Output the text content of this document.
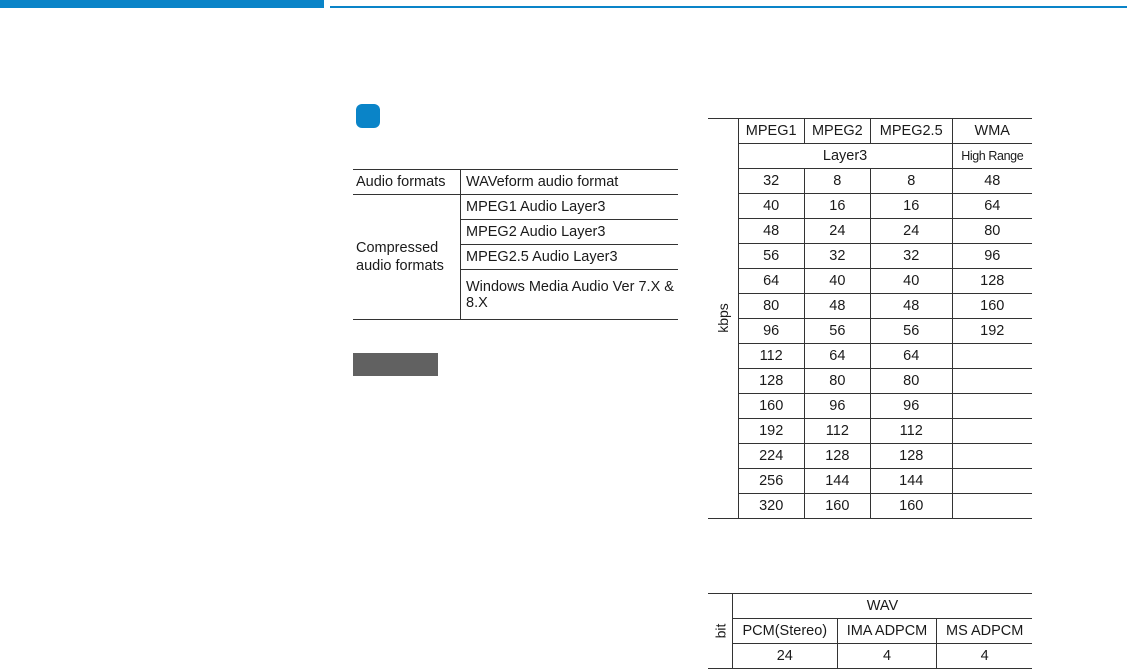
Audio formats	WAVeform audio format
Compressed audio formats	MPEG1 Audio Layer3
	MPEG2 Audio Layer3
	MPEG2.5 Audio Layer3
	Windows Media Audio Ver 7.X & 8.X
kbps	MPEG1	MPEG2	MPEG2.5	WMA
	Layer3			High Range
	32	8	8	48
	40	16	16	64
	48	24	24	80
	56	32	32	96
	64	40	40	128
	80	48	48	160
	96	56	56	192
	112	64	64	
	128	80	80	
	160	96	96	
	192	112	112	
	224	128	128	
	256	144	144	
	320	160	160	
bit	WAV		
	PCM(Stereo)	IMA ADPCM	MS ADPCM
	24	4	4
